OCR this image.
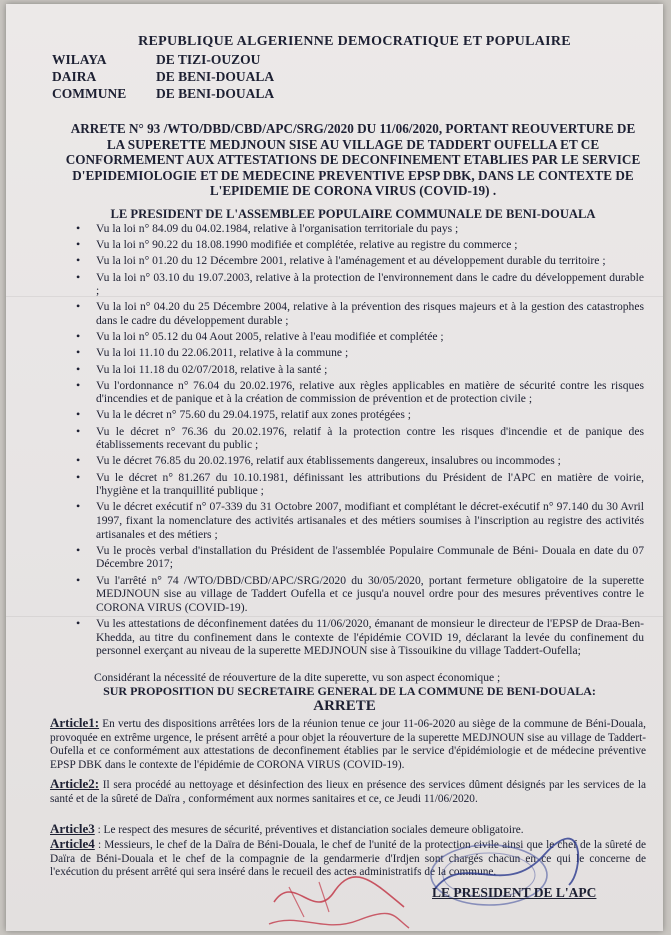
REPUBLIQUE ALGERIENNE DEMOCRATIQUE ET POPULAIRE
WILAYA	DE TIZI-OUZOU
DAIRA	DE BENI-DOUALA
COMMUNE	DE BENI-DOUALA
ARRETE N° 93 /WTO/DBD/CBD/APC/SRG/2020 DU 11/06/2020, PORTANT REOUVERTURE DE LA SUPERETTE MEDJNOUN SISE AU VILLAGE DE TADDERT OUFELLA ET CE CONFORMEMENT AUX ATTESTATIONS DE DECONFINEMENT ETABLIES PAR LE SERVICE D'EPIDEMIOLOGIE ET DE MEDECINE PREVENTIVE EPSP DBK, DANS LE CONTEXTE DE L'EPIDEMIE DE CORONA VIRUS (COVID-19) .
LE PRESIDENT DE L'ASSEMBLEE POPULAIRE COMMUNALE DE BENI-DOUALA
• Vu la loi n° 84.09 du 04.02.1984, relative à l'organisation territoriale du pays ;
• Vu la loi n° 90.22 du 18.08.1990 modifiée et complétée, relative au registre du commerce ;
• Vu la loi n° 01.20 du 12 Décembre 2001, relative à l'aménagement et au développement durable du territoire ;
• Vu la loi n° 03.10 du 19.07.2003, relative à la protection de l'environnement dans le cadre du développement durable ;
• Vu la loi n° 04.20 du 25 Décembre 2004, relative à la prévention des risques majeurs et à la gestion des catastrophes dans le cadre du développement durable ;
• Vu la loi n° 05.12 du 04 Aout 2005, relative à l'eau modifiée et complétée ;
• Vu la loi 11.10 du 22.06.2011, relative à la commune ;
• Vu la loi 11.18 du 02/07/2018, relative à la santé ;
• Vu l'ordonnance n° 76.04 du 20.02.1976, relative aux règles applicables en matière de sécurité contre les risques d'incendies et de panique et à la création de commission de prévention et de protection civile ;
• Vu la le décret n° 75.60 du 29.04.1975, relatif aux zones protégées ;
• Vu le décret n° 76.36 du 20.02.1976, relatif à la protection contre les risques d'incendie et de panique des établissements recevant du public ;
• Vu le décret 76.85 du 20.02.1976, relatif aux établissements dangereux, insalubres ou incommodes ;
• Vu le décret n° 81.267 du 10.10.1981, définissant les attributions du Président de l'APC en matière de voirie, l'hygiène et la tranquillité publique ;
• Vu le décret exécutif n° 07-339 du 31 Octobre 2007, modifiant et complétant le décret-exécutif n° 97.140 du 30 Avril 1997, fixant la nomenclature des activités artisanales et des métiers soumises à l'inscription au registre des activités artisanales et des métiers ;
• Vu le procès verbal d'installation du Président de l'assemblée Populaire Communale de Béni- Douala en date du 07 Décembre 2017;
• Vu l'arrêté n° 74 /WTO/DBD/CBD/APC/SRG/2020 du 30/05/2020, portant fermeture obligatoire de la superette MEDJNOUN sise au village de Taddert Oufella et ce jusqu'a nouvel ordre pour des mesures préventives contre le CORONA VIRUS (COVID-19).
• Vu les attestations de déconfinement datées du 11/06/2020, émanant de monsieur le directeur de l'EPSP de Draa-Ben-Khedda, au titre du confinement dans le contexte de l'épidémie COVID 19, déclarant la levée du confinement du personnel exerçant au niveau de la superette MEDJNOUN sise à Tissouikine du village Taddert-Oufella;
Considérant la nécessité de réouverture de la dite superette, vu son aspect économique ;
SUR PROPOSITION DU SECRETAIRE GENERAL DE LA COMMUNE DE BENI-DOUALA:
ARRETE
Article1: En vertu des dispositions arrêtées lors de la réunion tenue ce jour 11-06-2020 au siège de la commune de Béni-Douala, provoquée en extrême urgence, le présent arrêté a pour objet la réouverture de la superette MEDJNOUN sise au village de Taddert- Oufella et ce conformément aux attestations de deconfinement établies par le service d'épidémiologie et de médecine préventive EPSP DBK dans le contexte de l'épidémie de CORONA VIRUS (COVID-19).
Article2: Il sera procédé au nettoyage et désinfection des lieux en présence des services dûment désignés par les services de la santé et de la sûreté de Daïra , conformément aux normes sanitaires et ce, ce Jeudi 11/06/2020.
Article3 : Le respect des mesures de sécurité, préventives et distanciation sociales demeure obligatoire.
Article4 : Messieurs, le chef de la Daïra de Béni-Douala, le chef de l'unité de la protection civile ainsi que le chef de la sûreté de Daïra de Béni-Douala et le chef de la compagnie de la gendarmerie d'Irdjen sont chargés chacun en ce qui le concerne de l'exécution du présent arrêté qui sera inséré dans le recueil des actes administratifs de la commune.
LE PRESIDENT DE L'APC
